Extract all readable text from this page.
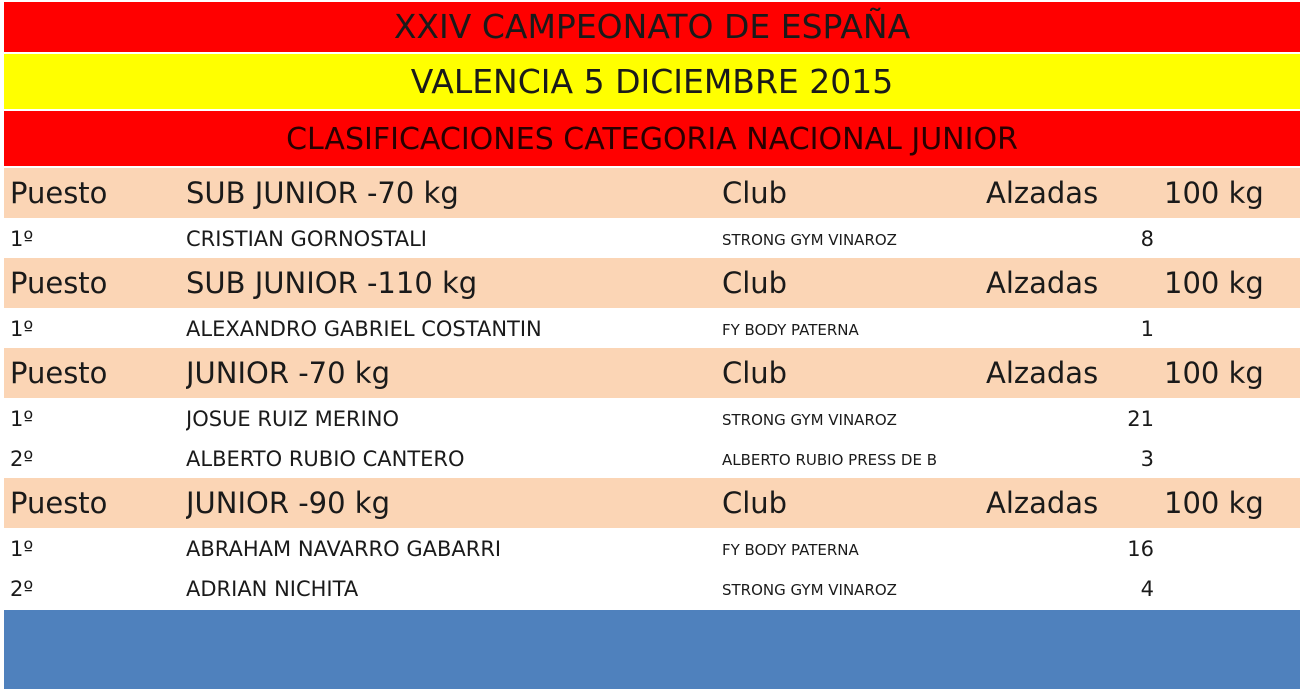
XXIV CAMPEONATO DE ESPAÑA
VALENCIA 5 DICIEMBRE 2015
CLASIFICACIONES CATEGORIA NACIONAL JUNIOR
Puesto	SUB JUNIOR -70 kg	Club	Alzadas	100 kg
1º	CRISTIAN GORNOSTALI	STRONG GYM VINAROZ	8
Puesto	SUB JUNIOR -110 kg	Club	Alzadas	100 kg
1º	ALEXANDRO GABRIEL COSTANTIN	FY BODY PATERNA	1
Puesto	JUNIOR -70 kg	Club	Alzadas	100 kg
1º	JOSUE RUIZ MERINO	STRONG GYM VINAROZ	21
2º	ALBERTO RUBIO CANTERO	ALBERTO RUBIO PRESS DE B	3
Puesto	JUNIOR -90 kg	Club	Alzadas	100 kg
1º	ABRAHAM NAVARRO GABARRI	FY BODY PATERNA	16
2º	ADRIAN NICHITA	STRONG GYM VINAROZ	4
